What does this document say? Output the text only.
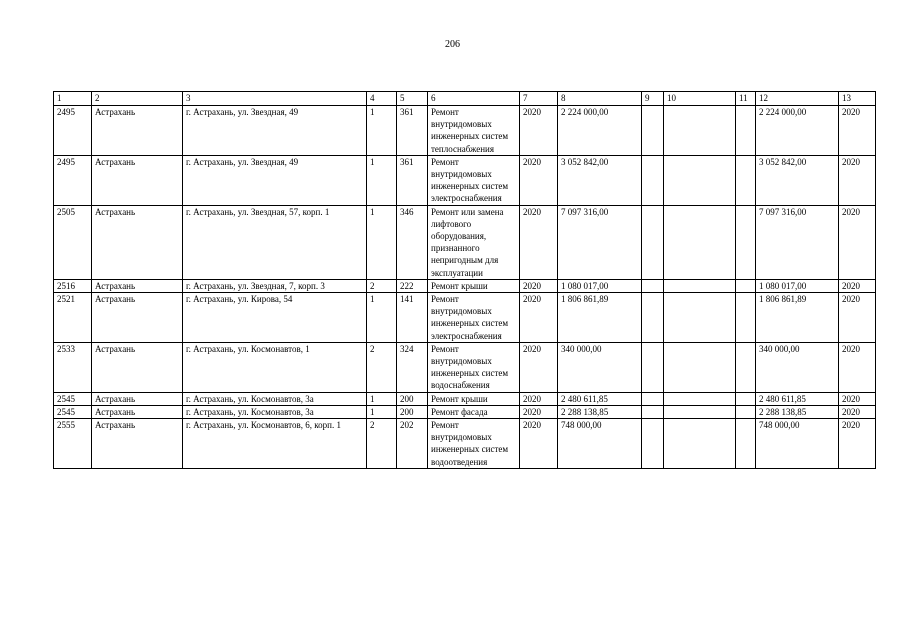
206
1	2	3	4	5	6	7	8	9	10	11	12	13
2495	Астрахань	г. Астрахань, ул. Звездная, 49	1	361	Ремонт внутридомовых инженерных систем теплоснабжения	2020	2 224 000,00				2 224 000,00	2020
2495	Астрахань	г. Астрахань, ул. Звездная, 49	1	361	Ремонт внутридомовых инженерных систем электроснабжения	2020	3 052 842,00				3 052 842,00	2020
2505	Астрахань	г. Астрахань, ул. Звездная, 57, корп. 1	1	346	Ремонт или замена лифтового оборудования, признанного непригодным для эксплуатации	2020	7 097 316,00				7 097 316,00	2020
2516	Астрахань	г. Астрахань, ул. Звездная, 7, корп. 3	2	222	Ремонт крыши	2020	1 080 017,00				1 080 017,00	2020
2521	Астрахань	г. Астрахань, ул. Кирова, 54	1	141	Ремонт внутридомовых инженерных систем электроснабжения	2020	1 806 861,89				1 806 861,89	2020
2533	Астрахань	г. Астрахань, ул. Космонавтов, 1	2	324	Ремонт внутридомовых инженерных систем водоснабжения	2020	340 000,00				340 000,00	2020
2545	Астрахань	г. Астрахань, ул. Космонавтов, 3а	1	200	Ремонт крыши	2020	2 480 611,85				2 480 611,85	2020
2545	Астрахань	г. Астрахань, ул. Космонавтов, 3а	1	200	Ремонт фасада	2020	2 288 138,85				2 288 138,85	2020
2555	Астрахань	г. Астрахань, ул. Космонавтов, 6, корп. 1	2	202	Ремонт внутридомовых инженерных систем водоотведения	2020	748 000,00				748 000,00	2020
